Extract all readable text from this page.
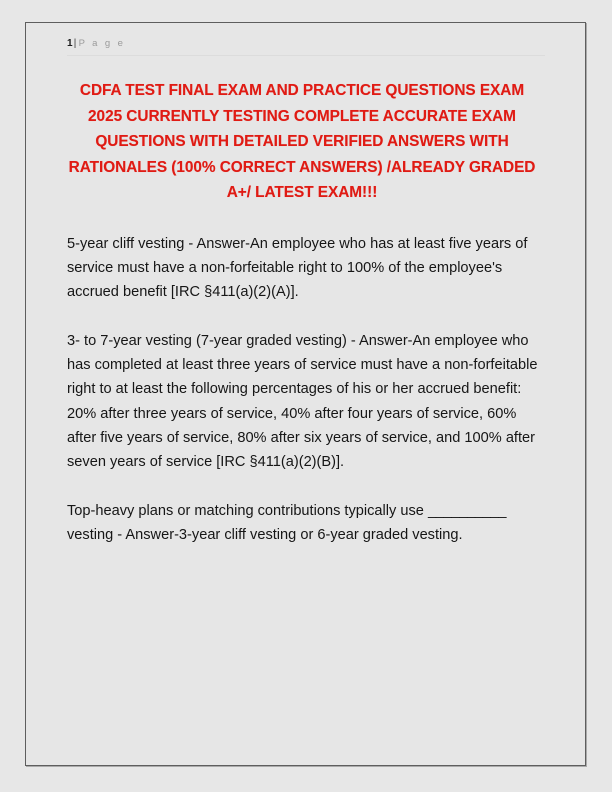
1| P a g e
CDFA TEST FINAL EXAM AND PRACTICE QUESTIONS EXAM 2025 CURRENTLY TESTING COMPLETE ACCURATE EXAM QUESTIONS WITH DETAILED VERIFIED ANSWERS WITH RATIONALES (100% CORRECT ANSWERS) /ALREADY GRADED A+/ LATEST EXAM!!!

5-year cliff vesting - Answer-An employee who has at least five years of service must have a non-forfeitable right to 100% of the employee's accrued benefit [IRC §411(a)(2)(A)].

3- to 7-year vesting (7-year graded vesting) - Answer-An employee who has completed at least three years of service must have a non-forfeitable right to at least the following percentages of his or her accrued benefit: 20% after three years of service, 40% after four years of service, 60% after five years of service, 80% after six years of service, and 100% after seven years of service [IRC §411(a)(2)(B)].

Top-heavy plans or matching contributions typically use __________ vesting - Answer-3-year cliff vesting or 6-year graded vesting.
